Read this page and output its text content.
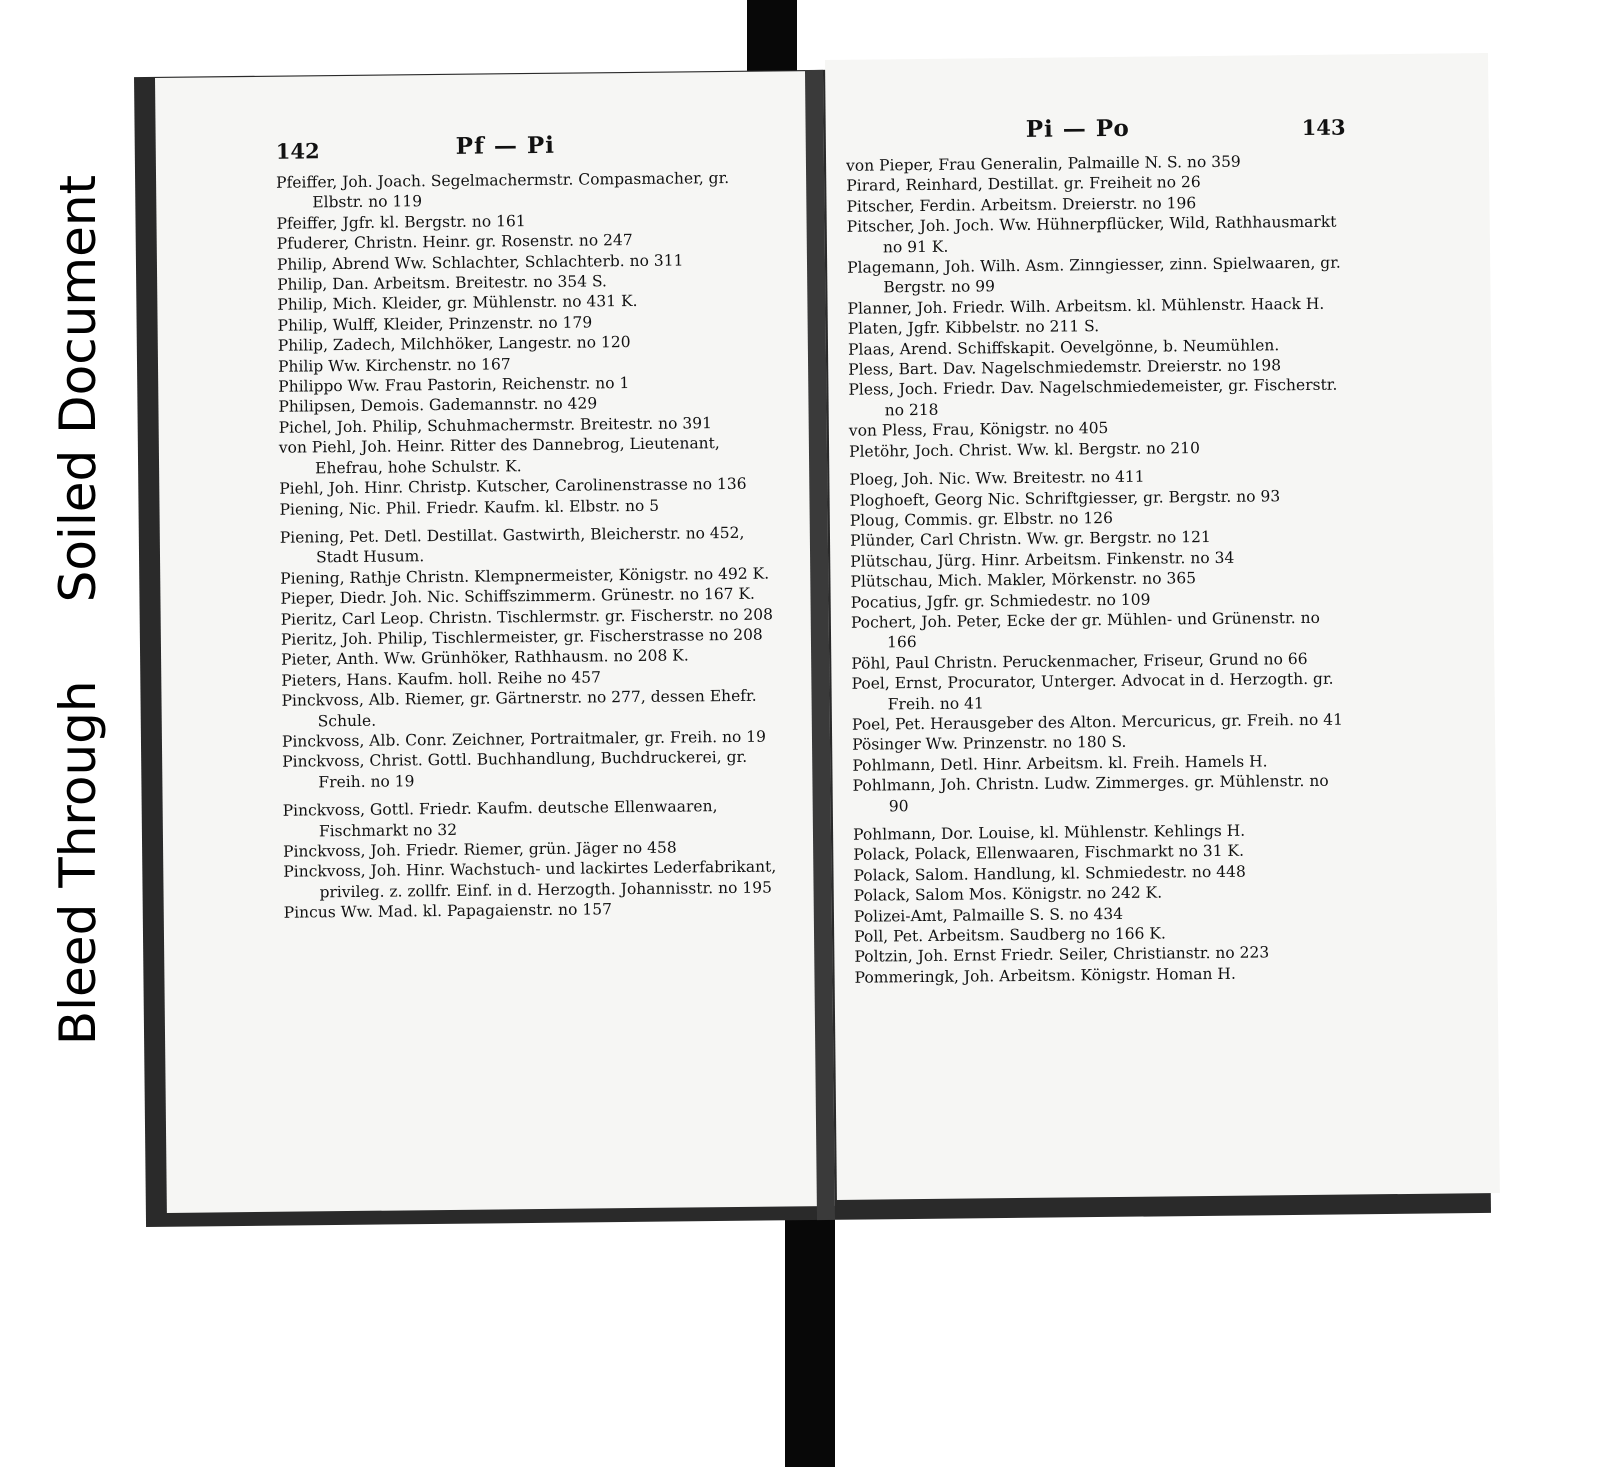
Bleed ThroughSoiled Document
142	Pf — Pi

Pfeiffer, Joh. Joach. Segelmachermstr. Compasmacher, gr. Elbstr. no 119

Pfeiffer, Jgfr. kl. Bergstr. no 161

Pfuderer, Christn. Heinr. gr. Rosenstr. no 247

Philip, Abrend Ww. Schlachter, Schlachterb. no 311

Philip, Dan. Arbeitsm. Breitestr. no 354 S.

Philip, Mich. Kleider, gr. Mühlenstr. no 431 K.

Philip, Wulff, Kleider, Prinzenstr. no 179

Philip, Zadech, Milchhöker, Langestr. no 120

Philip Ww. Kirchenstr. no 167

Philippo Ww. Frau Pastorin, Reichenstr. no 1

Philipsen, Demois. Gademannstr. no 429

Pichel, Joh. Philip, Schuhmachermstr. Breitestr. no 391

von Piehl, Joh. Heinr. Ritter des Dannebrog, Lieutenant, Ehefrau, hohe Schulstr. K.

Piehl, Joh. Hinr. Christp. Kutscher, Carolinenstrasse no 136

Piening, Nic. Phil. Friedr. Kaufm. kl. Elbstr. no 5

Piening, Pet. Detl. Destillat. Gastwirth, Bleicherstr. no 452, Stadt Husum.

Piening, Rathje Christn. Klempnermeister, Königstr. no 492 K.

Pieper, Diedr. Joh. Nic. Schiffszimmerm. Grünestr. no 167 K.

Pieritz, Carl Leop. Christn. Tischlermstr. gr. Fischerstr. no 208

Pieritz, Joh. Philip, Tischlermeister, gr. Fischerstrasse no 208

Pieter, Anth. Ww. Grünhöker, Rathhausm. no 208 K.

Pieters, Hans. Kaufm. holl. Reihe no 457

Pinckvoss, Alb. Riemer, gr. Gärtnerstr. no 277, dessen Ehefr. Schule.

Pinckvoss, Alb. Conr. Zeichner, Portraitmaler, gr. Freih. no 19

Pinckvoss, Christ. Gottl. Buchhandlung, Buchdruckerei, gr. Freih. no 19

Pinckvoss, Gottl. Friedr. Kaufm. deutsche Ellenwaaren, Fischmarkt no 32

Pinckvoss, Joh. Friedr. Riemer, grün. Jäger no 458

Pinckvoss, Joh. Hinr. Wachstuch- und lackirtes Lederfabrikant, privileg. z. zollfr. Einf. in d. Herzogth. Johannisstr. no 195

Pincus Ww. Mad. kl. Papagaienstr. no 157

Pi — Po	143

von Pieper, Frau Generalin, Palmaille N. S. no 359

Pirard, Reinhard, Destillat. gr. Freiheit no 26

Pitscher, Ferdin. Arbeitsm. Dreierstr. no 196

Pitscher, Joh. Joch. Ww. Hühnerpflücker, Wild, Rathhausmarkt no 91 K.

Plagemann, Joh. Wilh. Asm. Zinngiesser, zinn. Spielwaaren, gr. Bergstr. no 99

Planner, Joh. Friedr. Wilh. Arbeitsm. kl. Mühlenstr. Haack H.

Platen, Jgfr. Kibbelstr. no 211 S.

Plaas, Arend. Schiffskapit. Oevelgönne, b. Neumühlen.

Pless, Bart. Dav. Nagelschmiedemstr. Dreierstr. no 198

Pless, Joch. Friedr. Dav. Nagelschmiedemeister, gr. Fischerstr. no 218

von Pless, Frau, Königstr. no 405

Pletöhr, Joch. Christ. Ww. kl. Bergstr. no 210

Ploeg, Joh. Nic. Ww. Breitestr. no 411

Ploghoeft, Georg Nic. Schriftgiesser, gr. Bergstr. no 93

Ploug, Commis. gr. Elbstr. no 126

Plünder, Carl Christn. Ww. gr. Bergstr. no 121

Plütschau, Jürg. Hinr. Arbeitsm. Finkenstr. no 34

Plütschau, Mich. Makler, Mörkenstr. no 365

Pocatius, Jgfr. gr. Schmiedestr. no 109

Pochert, Joh. Peter, Ecke der gr. Mühlen- und Grünenstr. no 166

Pöhl, Paul Christn. Peruckenmacher, Friseur, Grund no 66

Poel, Ernst, Procurator, Unterger. Advocat in d. Herzogth. gr. Freih. no 41

Poel, Pet. Herausgeber des Alton. Mercuricus, gr. Freih. no 41

Pösinger Ww. Prinzenstr. no 180 S.

Pohlmann, Detl. Hinr. Arbeitsm. kl. Freih. Hamels H.

Pohlmann, Joh. Christn. Ludw. Zimmerges. gr. Mühlenstr. no 90

Pohlmann, Dor. Louise, kl. Mühlenstr. Kehlings H.

Polack, Polack, Ellenwaaren, Fischmarkt no 31 K.

Polack, Salom. Handlung, kl. Schmiedestr. no 448

Polack, Salom Mos. Königstr. no 242 K.

Polizei-Amt, Palmaille S. S. no 434

Poll, Pet. Arbeitsm. Saudberg no 166 K.

Poltzin, Joh. Ernst Friedr. Seiler, Christianstr. no 223

Pommeringk, Joh. Arbeitsm. Königstr. Homan H.
